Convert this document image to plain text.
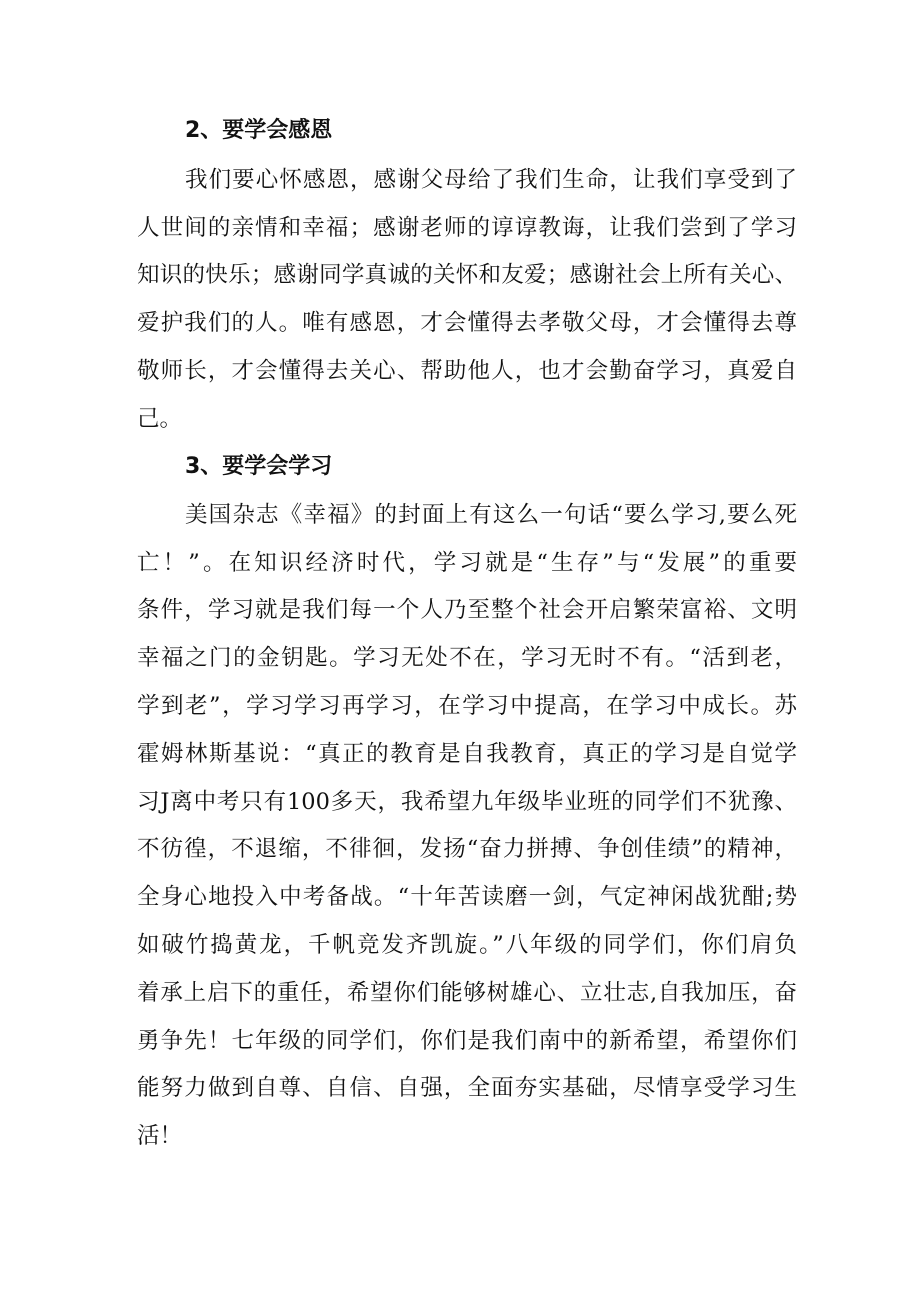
2、要学会感恩
我们要心怀感恩，感谢父母给了我们生命，让我们享受到了
人世间的亲情和幸福；感谢老师的谆谆教诲，让我们尝到了学习
知识的快乐；感谢同学真诚的关怀和友爱；感谢社会上所有关心、
爱护我们的人。唯有感恩，才会懂得去孝敬父母，才会懂得去尊
敬师长，才会懂得去关心、帮助他人，也才会勤奋学习，真爱自
己。
3、要学会学习
美国杂志《幸福》的封面上有这么一句话“要么学习,要么死
亡！”。在知识经济时代，学习就是“生存”与“发展”的重要
条件，学习就是我们每一个人乃至整个社会开启繁荣富裕、文明
幸福之门的金钥匙。学习无处不在，学习无时不有。“活到老，
学到老”，学习学习再学习，在学习中提高，在学习中成长。苏
霍姆林斯基说：“真正的教育是自我教育，真正的学习是自觉学
习J离中考只有100多天，我希望九年级毕业班的同学们不犹豫、
不彷徨，不退缩，不徘徊，发扬“奋力拼搏、争创佳绩”的精神，
全身心地投入中考备战。“十年苦读磨一剑，气定神闲战犹酣;势
如破竹捣黄龙，千帆竞发齐凯旋。”八年级的同学们，你们肩负
着承上启下的重任，希望你们能够树雄心、立壮志,自我加压，奋
勇争先！七年级的同学们，你们是我们南中的新希望，希望你们
能努力做到自尊、自信、自强，全面夯实基础，尽情享受学习生
活！
